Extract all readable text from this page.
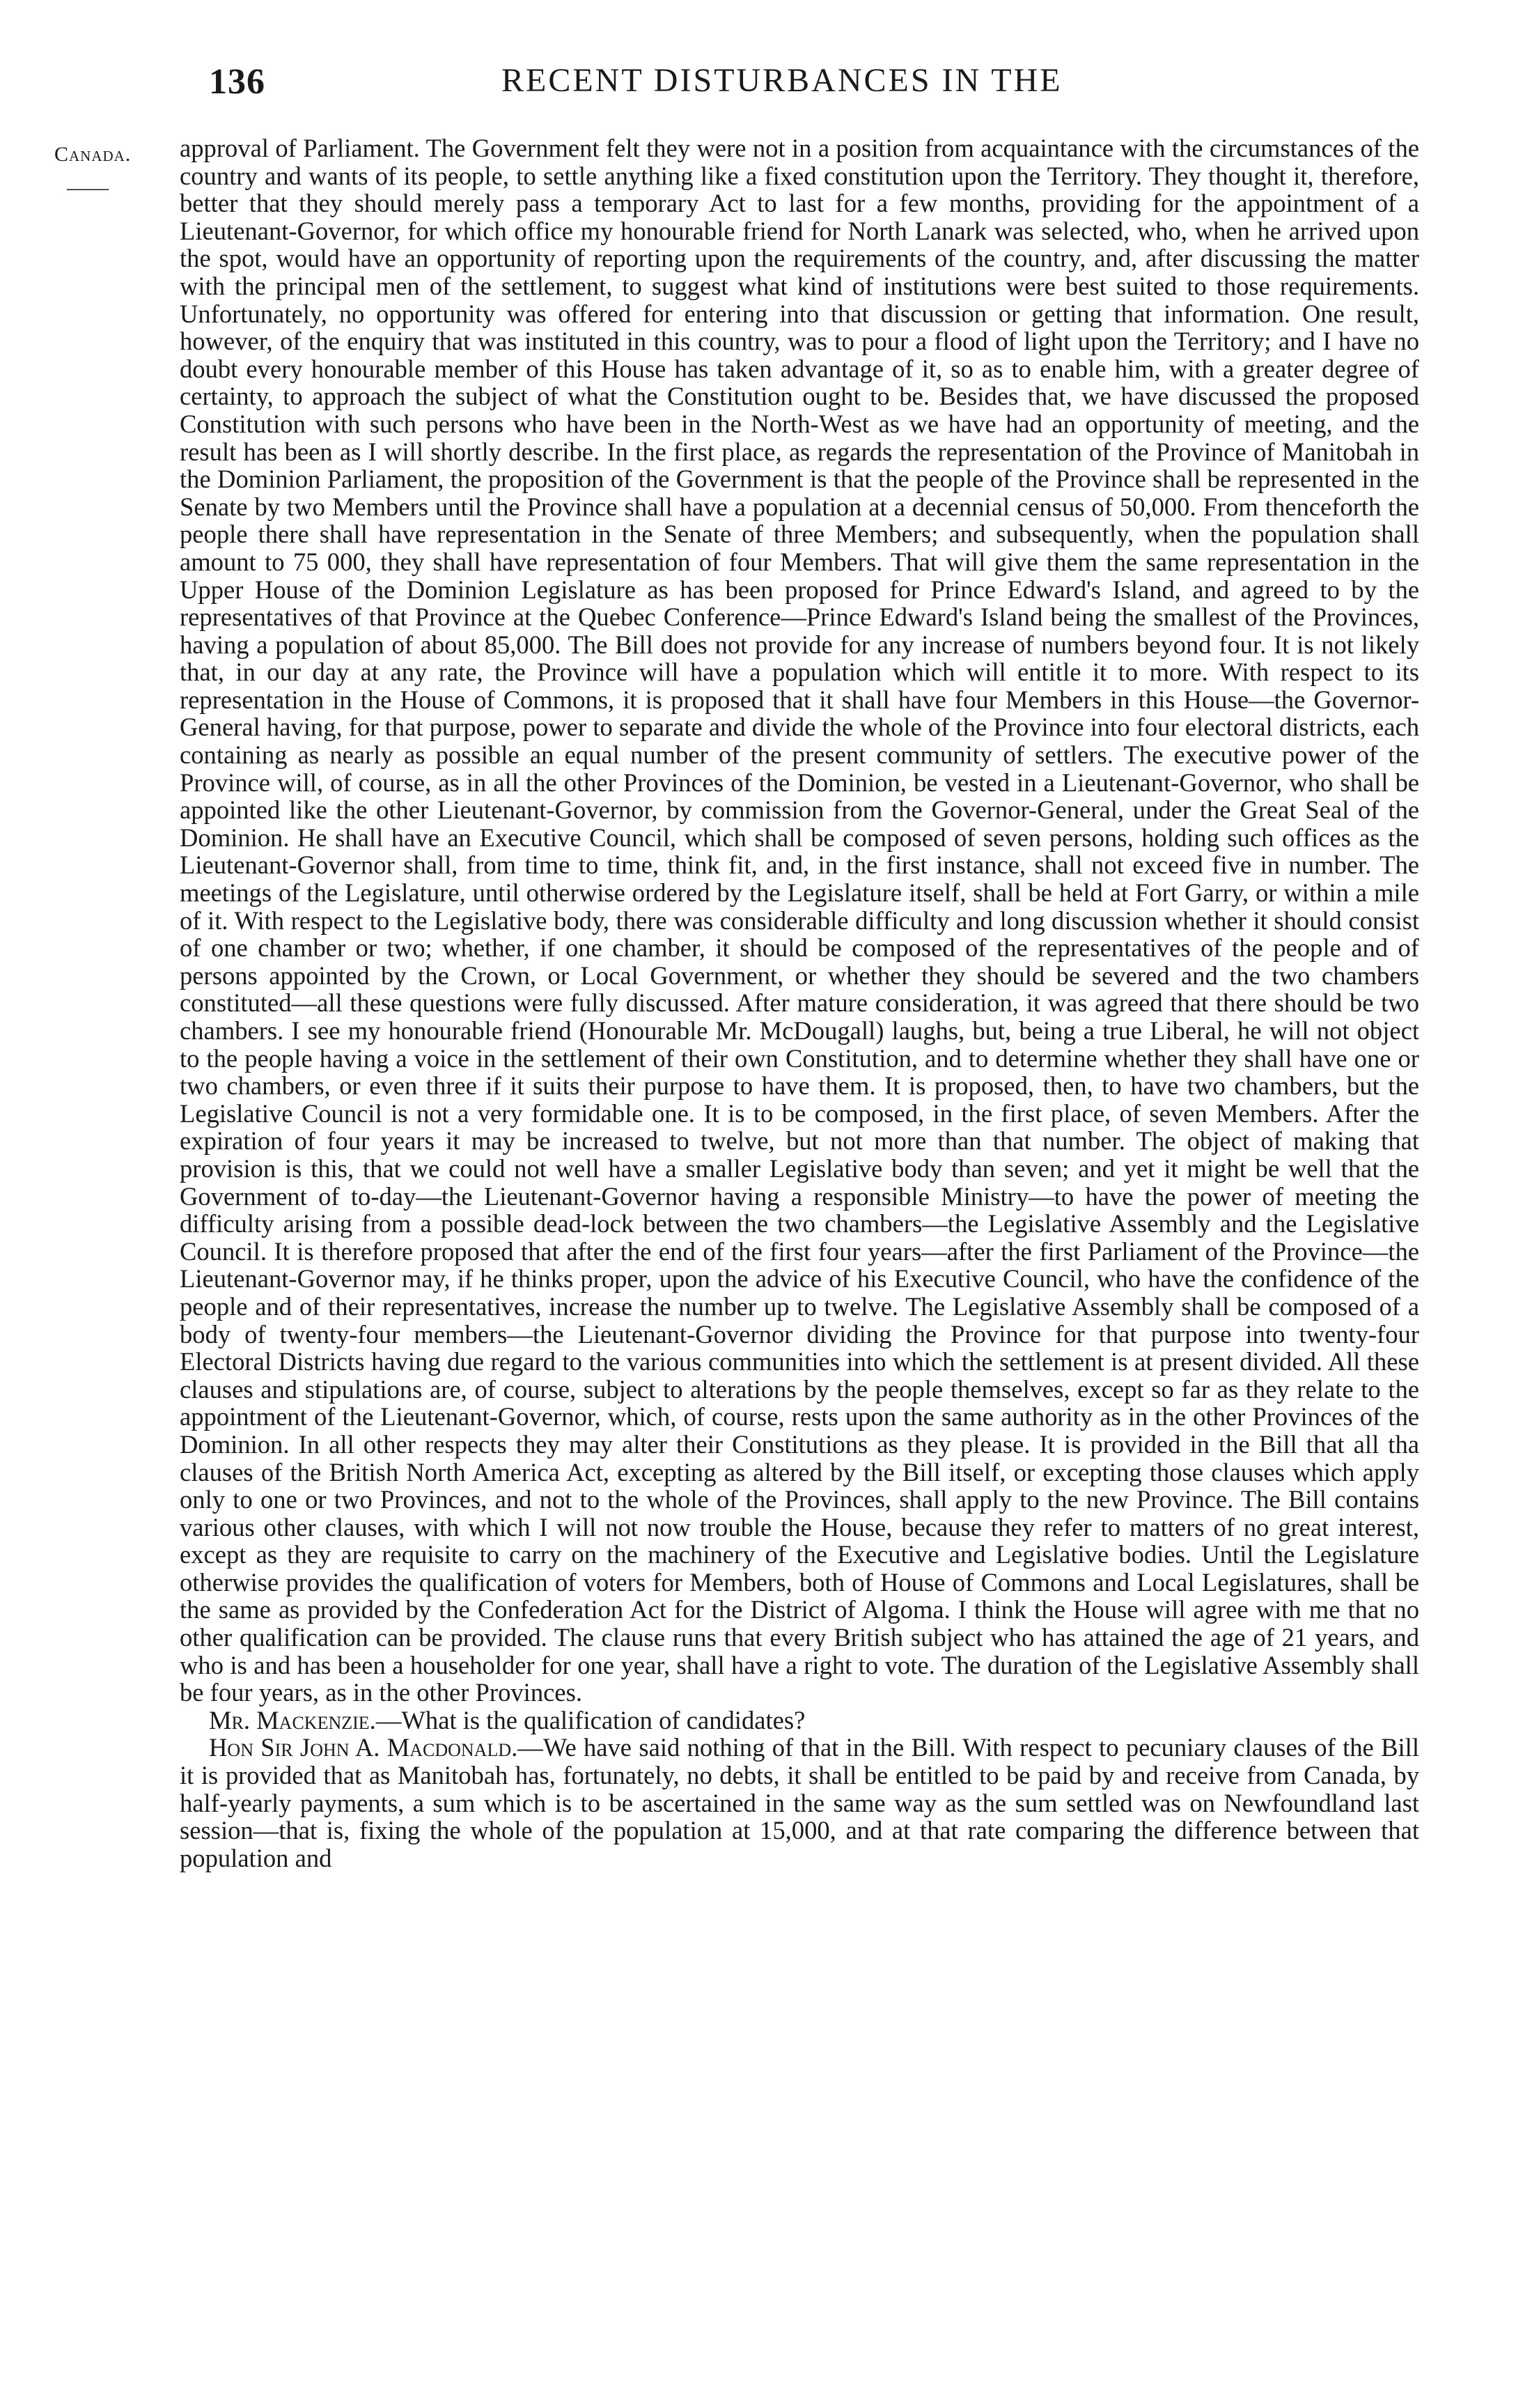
136	RECENT DISTURBANCES IN THE
Canada.
——

approval of Parliament. The Government felt they were not in a position from acquaintance with the circumstances of the country and wants of its people, to settle anything like a fixed constitution upon the Territory. They thought it, therefore, better that they should merely pass a temporary Act to last for a few months, providing for the appointment of a Lieutenant-Governor, for which office my honourable friend for North Lanark was selected, who, when he arrived upon the spot, would have an opportunity of reporting upon the requirements of the country, and, after discussing the matter with the principal men of the settlement, to suggest what kind of institutions were best suited to those requirements. Unfortunately, no opportunity was offered for entering into that discussion or getting that information. One result, however, of the enquiry that was instituted in this country, was to pour a flood of light upon the Territory; and I have no doubt every honourable member of this House has taken advantage of it, so as to enable him, with a greater degree of certainty, to approach the subject of what the Constitution ought to be. Besides that, we have discussed the proposed Constitution with such persons who have been in the North-West as we have had an opportunity of meeting, and the result has been as I will shortly describe. In the first place, as regards the representation of the Province of Manitobah in the Dominion Parliament, the proposition of the Government is that the people of the Province shall be represented in the Senate by two Members until the Province shall have a population at a decennial census of 50,000. From thenceforth the people there shall have representation in the Senate of three Members; and subsequently, when the population shall amount to 75 000, they shall have representation of four Members. That will give them the same representation in the Upper House of the Dominion Legislature as has been proposed for Prince Edward's Island, and agreed to by the representatives of that Province at the Quebec Conference—Prince Edward's Island being the smallest of the Provinces, having a population of about 85,000. The Bill does not provide for any increase of numbers beyond four. It is not likely that, in our day at any rate, the Province will have a population which will entitle it to more. With respect to its representation in the House of Commons, it is proposed that it shall have four Members in this House—the Governor-General having, for that purpose, power to separate and divide the whole of the Province into four electoral districts, each containing as nearly as possible an equal number of the present community of settlers. The executive power of the Province will, of course, as in all the other Provinces of the Dominion, be vested in a Lieutenant-Governor, who shall be appointed like the other Lieutenant-Governor, by commission from the Governor-General, under the Great Seal of the Dominion. He shall have an Executive Council, which shall be composed of seven persons, holding such offices as the Lieutenant-Governor shall, from time to time, think fit, and, in the first instance, shall not exceed five in number. The meetings of the Legislature, until otherwise ordered by the Legislature itself, shall be held at Fort Garry, or within a mile of it. With respect to the Legislative body, there was considerable difficulty and long discussion whether it should consist of one chamber or two; whether, if one chamber, it should be composed of the representatives of the people and of persons appointed by the Crown, or Local Government, or whether they should be severed and the two chambers constituted—all these questions were fully discussed. After mature consideration, it was agreed that there should be two chambers. I see my honourable friend (Honourable Mr. McDougall) laughs, but, being a true Liberal, he will not object to the people having a voice in the settlement of their own Constitution, and to determine whether they shall have one or two chambers, or even three if it suits their purpose to have them. It is proposed, then, to have two chambers, but the Legislative Council is not a very formidable one. It is to be composed, in the first place, of seven Members. After the expiration of four years it may be increased to twelve, but not more than that number. The object of making that provision is this, that we could not well have a smaller Legislative body than seven; and yet it might be well that the Government of to-day—the Lieutenant-Governor having a responsible Ministry—to have the power of meeting the difficulty arising from a possible dead-lock between the two chambers—the Legislative Assembly and the Legislative Council. It is therefore proposed that after the end of the first four years—after the first Parliament of the Province—the Lieutenant-Governor may, if he thinks proper, upon the advice of his Executive Council, who have the confidence of the people and of their representatives, increase the number up to twelve. The Legislative Assembly shall be composed of a body of twenty-four members—the Lieutenant-Governor dividing the Province for that purpose into twenty-four Electoral Districts having due regard to the various communities into which the settlement is at present divided. All these clauses and stipulations are, of course, subject to alterations by the people themselves, except so far as they relate to the appointment of the Lieutenant-Governor, which, of course, rests upon the same authority as in the other Provinces of the Dominion. In all other respects they may alter their Constitutions as they please. It is provided in the Bill that all tha clauses of the British North America Act, excepting as altered by the Bill itself, or excepting those clauses which apply only to one or two Provinces, and not to the whole of the Provinces, shall apply to the new Province. The Bill contains various other clauses, with which I will not now trouble the House, because they refer to matters of no great interest, except as they are requisite to carry on the machinery of the Executive and Legislative bodies. Until the Legislature otherwise provides the qualification of voters for Members, both of House of Commons and Local Legislatures, shall be the same as provided by the Confederation Act for the District of Algoma. I think the House will agree with me that no other qualification can be provided. The clause runs that every British subject who has attained the age of 21 years, and who is and has been a householder for one year, shall have a right to vote. The duration of the Legislative Assembly shall be four years, as in the other Provinces.

Mr. Mackenzie.—What is the qualification of candidates?

Hon Sir John A. Macdonald.—We have said nothing of that in the Bill. With respect to pecuniary clauses of the Bill it is provided that as Manitobah has, fortunately, no debts, it shall be entitled to be paid by and receive from Canada, by half-yearly payments, a sum which is to be ascertained in the same way as the sum settled was on Newfoundland last session—that is, fixing the whole of the population at 15,000, and at that rate comparing the difference between that population and
